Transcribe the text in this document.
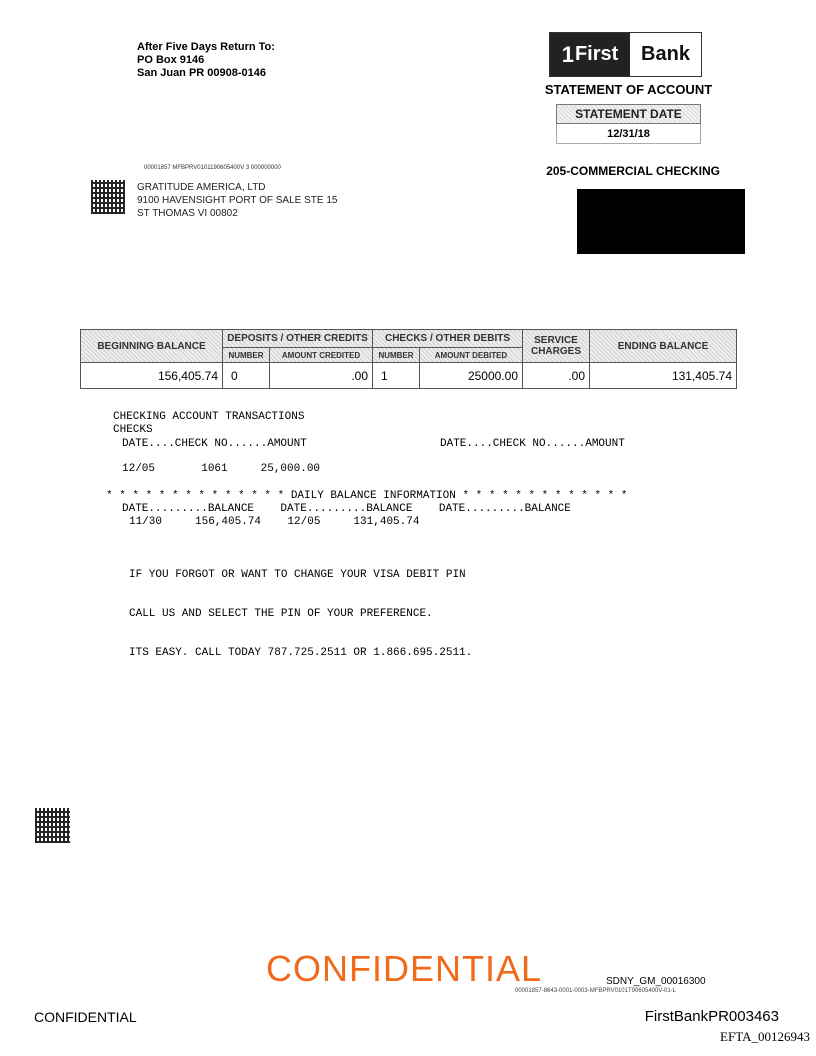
After Five Days Return To:
PO Box 9146
San Juan PR 00908-0146
1 First	Bank
STATEMENT OF ACCOUNT
STATEMENT DATE
12/31/18
205-COMMERCIAL CHECKING
00001857 MFBPRV0101190605400V 3 000000000
GRATITUDE AMERICA, LTD
9100 HAVENSIGHT PORT OF SALE STE 15
ST THOMAS VI 00802
BEGINNING BALANCE	DEPOSITS / OTHER CREDITS		CHECKS / OTHER DEBITS		SERVICE
CHARGES	ENDING BALANCE
	NUMBER	AMOUNT CREDITED	NUMBER	AMOUNT DEBITED		
156,405.74	0	.00	1	25000.00	.00	131,405.74
CHECKING ACCOUNT TRANSACTIONS
CHECKS
DATE....CHECK NO......AMOUNT	DATE....CHECK NO......AMOUNT
12/05       1061     25,000.00
* * * * * * * * * * * * * * DAILY BALANCE INFORMATION * * * * * * * * * * * * *
DATE.........BALANCE    DATE.........BALANCE    DATE.........BALANCE
11/30     156,405.74    12/05     131,405.74

IF YOU FORGOT OR WANT TO CHANGE YOUR VISA DEBIT PIN

CALL US AND SELECT THE PIN OF YOUR PREFERENCE.

ITS EASY. CALL TODAY 787.725.2511 OR 1.866.695.2511.

CONFIDENTIAL	SDNY_GM_00016300
00001857-8643-0001-0003-MFBPRV0101T90605400V-01-L
CONFIDENTIAL	FirstBankPR003463
EFTA_00126943
